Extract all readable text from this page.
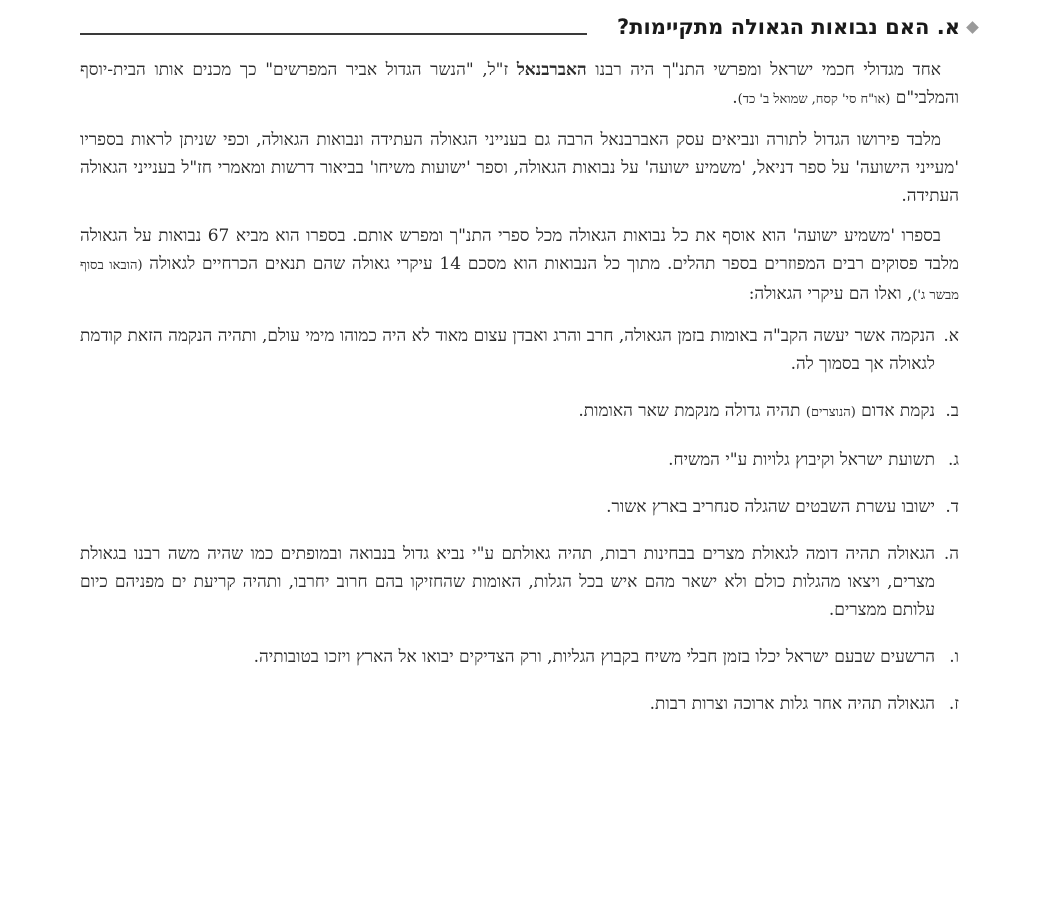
א. האם נבואות הגאולה מתקיימות?

אחד מגדולי חכמי ישראל ומפרשי התנ"ך היה רבנו האברבנאל ז"ל, "הנשר הגדול אביר המפרשים" כך מכנים אותו הבית-יוסף והמלבי"ם (או"ח סי' קסח, שמואל ב' כד).

מלבד פירושו הגדול לתורה ונביאים עסק האברבנאל הרבה גם בענייני הגאולה העתידה ונבואות הגאולה, וכפי שניתן לראות בספריו 'מעייני הישועה' על ספר דניאל, 'משמיע ישועה' על נבואות הגאולה, וספר 'ישועות משיחו' בביאור דרשות ומאמרי חז"ל בענייני הגאולה העתידה.

בספרו 'משמיע ישועה' הוא אוסף את כל נבואות הגאולה מכל ספרי התנ"ך ומפרש אותם. בספרו הוא מביא 67 נבואות על הגאולה מלבד פסוקים רבים המפוזרים בספר תהלים. מתוך כל הנבואות הוא מסכם 14 עיקרי גאולה שהם תנאים הכרחיים לגאולה (הובאו בסוף מבשר ג'), ואלו הם עיקרי הגאולה:

א.
הנקמה אשר יעשה הקב"ה באומות בזמן הגאולה, חרב והרג ואבדן עצום מאוד לא היה כמוהו מימי עולם, ותהיה הנקמה הזאת קודמת לגאולה אך בסמוך לה.
ב.
נקמת אדום (הנוצרים) תהיה גדולה מנקמת שאר האומות.
ג.
תשועת ישראל וקיבוץ גלויות ע"י המשיח.
ד.
ישובו עשרת השבטים שהגלה סנחריב בארץ אשור.
ה.
הגאולה תהיה דומה לגאולת מצרים בבחינות רבות, תהיה גאולתם ע"י נביא גדול בנבואה ובמופתים כמו שהיה משה רבנו בגאולת מצרים, ויצאו מהגלות כולם ולא ישאר מהם איש בכל הגלות, האומות שהחזיקו בהם חרוב יחרבו, ותהיה קריעת ים מפניהם כיום עלותם ממצרים.
ו.
הרשעים שבעם ישראל יכלו בזמן חבלי משיח בקבוץ הגליות, ורק הצדיקים יבואו אל הארץ ויזכו בטובותיה.
ז.
הגאולה תהיה אחר גלות ארוכה וצרות רבות.
